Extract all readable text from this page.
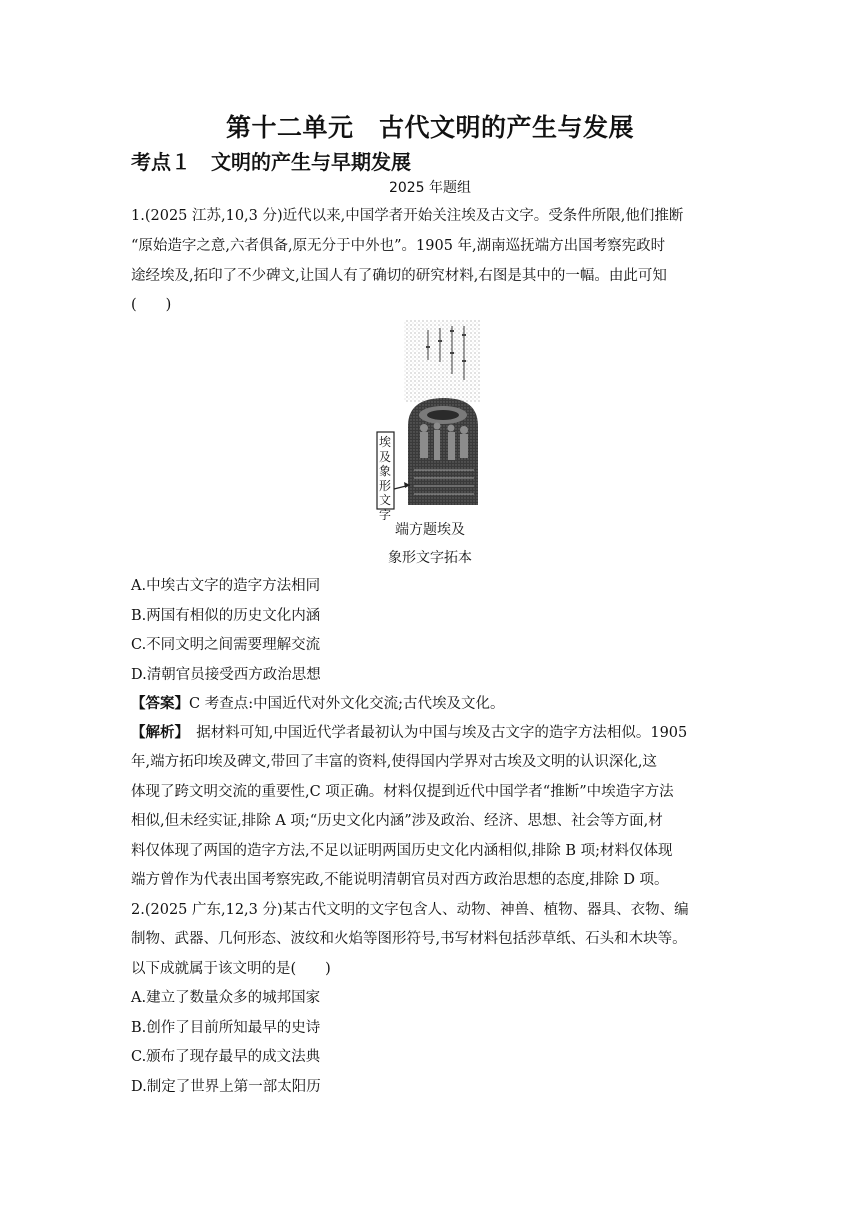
第十二单元　古代文明的产生与发展
考点１　文明的产生与早期发展
2025 年题组
1.(2025 江苏,10,3 分)近代以来,中国学者开始关注埃及古文字。受条件所限,他们推断
“原始造字之意,六者俱备,原无分于中外也”。1905 年,湖南巡抚端方出国考察宪政时
途经埃及,拓印了不少碑文,让国人有了确切的研究材料,右图是其中的一幅。由此可知
(　　)
埃及象形文字
端方题埃及
象形文字拓本
A.中埃古文字的造字方法相同
B.两国有相似的历史文化内涵
C.不同文明之间需要理解交流
D.清朝官员接受西方政治思想
【答案】C 考查点:中国近代对外文化交流;古代埃及文化。
【解析】　据材料可知,中国近代学者最初认为中国与埃及古文字的造字方法相似。1905
年,端方拓印埃及碑文,带回了丰富的资料,使得国内学界对古埃及文明的认识深化,这
体现了跨文明交流的重要性,C 项正确。材料仅提到近代中国学者“推断”中埃造字方法
相似,但未经实证,排除 A 项;“历史文化内涵”涉及政治、经济、思想、社会等方面,材
料仅体现了两国的造字方法,不足以证明两国历史文化内涵相似,排除 B 项;材料仅体现
端方曾作为代表出国考察宪政,不能说明清朝官员对西方政治思想的态度,排除 D 项。
2.(2025 广东,12,3 分)某古代文明的文字包含人、动物、神兽、植物、器具、衣物、编
制物、武器、几何形态、波纹和火焰等图形符号,书写材料包括莎草纸、石头和木块等。
以下成就属于该文明的是(　　)
A.建立了数量众多的城邦国家
B.创作了目前所知最早的史诗
C.颁布了现存最早的成文法典
D.制定了世界上第一部太阳历
